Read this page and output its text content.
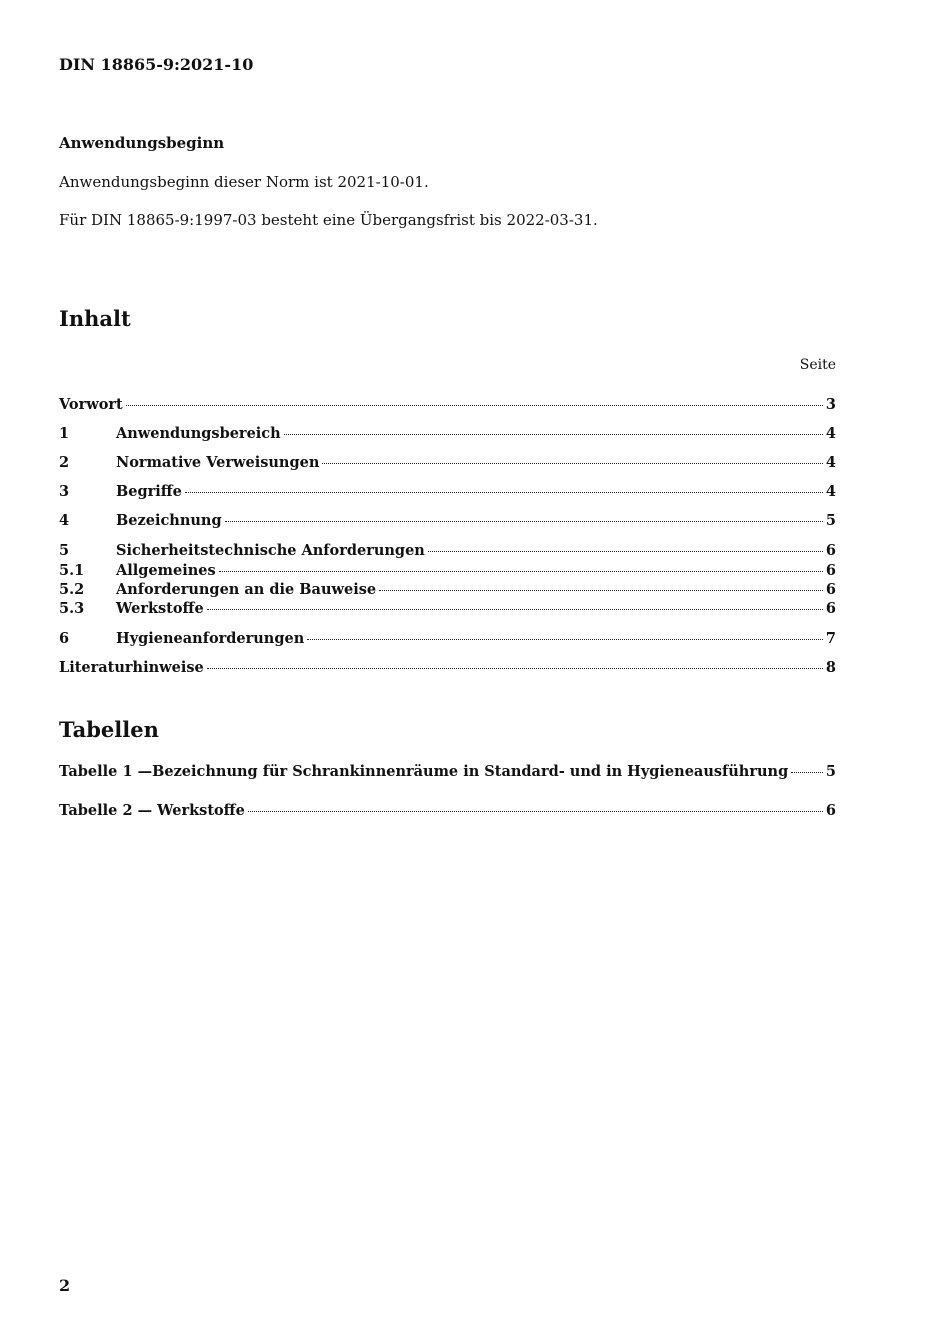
DIN 18865-9:2021-10
Anwendungsbeginn
Anwendungsbeginn dieser Norm ist 2021-10-01.
Für DIN 18865-9:1997-03 besteht eine Übergangsfrist bis 2022-03-31.
Inhalt
Seite
Vorwort	3
1	Anwendungsbereich	4
2	Normative Verweisungen	4
3	Begriffe	4
4	Bezeichnung	5
5	Sicherheitstechnische Anforderungen	6
5.1	Allgemeines	6
5.2	Anforderungen an die Bauweise	6
5.3	Werkstoffe	6
6	Hygieneanforderungen	7
Literaturhinweise	8
Tabellen
Tabelle 1 —Bezeichnung für Schrankinnenräume in Standard- und in Hygieneausführung	5
Tabelle 2 — Werkstoffe	6
2
